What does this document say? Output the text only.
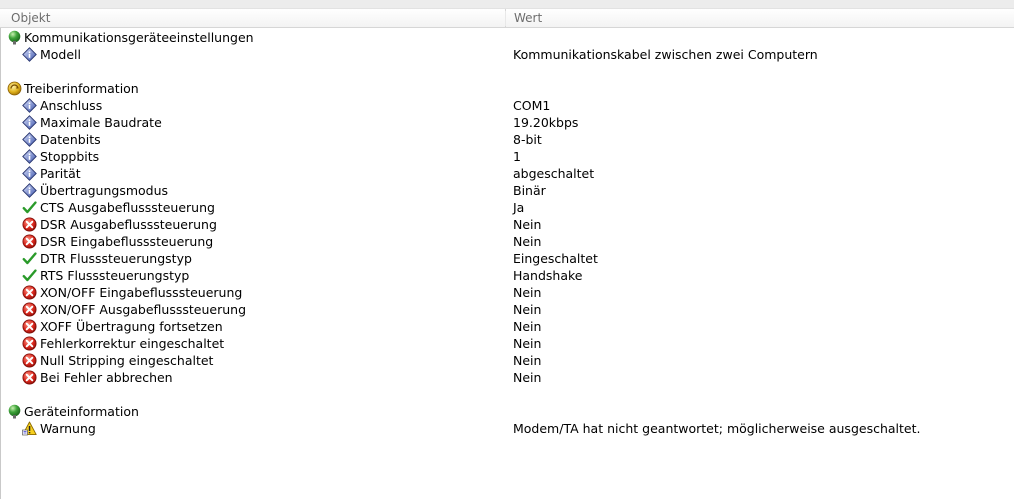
Objekt	Wert
Kommunikationsgeräteeinstellungen
Modell	Kommunikationskabel zwischen zwei Computern
Treiberinformation
Anschluss	COM1
Maximale Baudrate	19.20kbps
Datenbits	8-bit
Stoppbits	1
Parität	abgeschaltet
Übertragungsmodus	Binär
CTS Ausgabeflusssteuerung	Ja
DSR Ausgabeflusssteuerung	Nein
DSR Eingabeflusssteuerung	Nein
DTR Flusssteuerungstyp	Eingeschaltet
RTS Flusssteuerungstyp	Handshake
XON/OFF Eingabeflusssteuerung	Nein
XON/OFF Ausgabeflusssteuerung	Nein
XOFF Übertragung fortsetzen	Nein
Fehlerkorrektur eingeschaltet	Nein
Null Stripping eingeschaltet	Nein
Bei Fehler abbrechen	Nein
Geräteinformation
Warnung	Modem/TA hat nicht geantwortet; möglicherweise ausgeschaltet.
